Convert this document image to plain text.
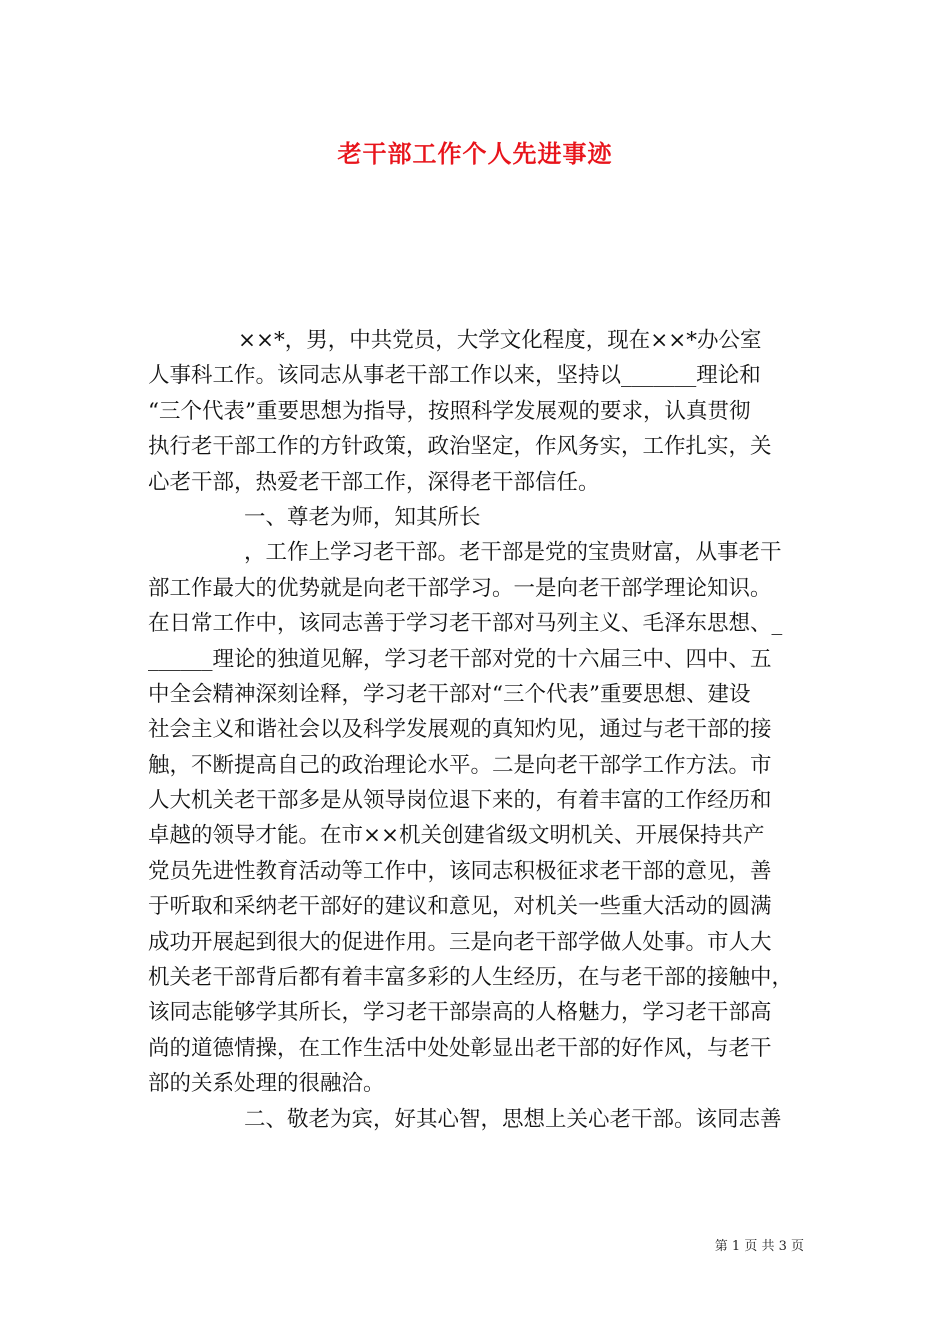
老干部工作个人先进事迹
××*，男，中共党员，大学文化程度，现在××*办公室
人事科工作。该同志从事老干部工作以来，坚持以_______理论和
“三个代表”重要思想为指导，按照科学发展观的要求，认真贯彻
执行老干部工作的方针政策，政治坚定，作风务实，工作扎实，关
心老干部，热爱老干部工作，深得老干部信任。
一、尊老为师，知其所长
，工作上学习老干部。老干部是党的宝贵财富，从事老干
部工作最大的优势就是向老干部学习。一是向老干部学理论知识。
在日常工作中，该同志善于学习老干部对马列主义、毛泽东思想、_
______理论的独道见解，学习老干部对党的十六届三中、四中、五
中全会精神深刻诠释，学习老干部对“三个代表”重要思想、建设
社会主义和谐社会以及科学发展观的真知灼见，通过与老干部的接
触，不断提高自己的政治理论水平。二是向老干部学工作方法。市
人大机关老干部多是从领导岗位退下来的，有着丰富的工作经历和
卓越的领导才能。在市××机关创建省级文明机关、开展保持共产
党员先进性教育活动等工作中，该同志积极征求老干部的意见，善
于听取和采纳老干部好的建议和意见，对机关一些重大活动的圆满
成功开展起到很大的促进作用。三是向老干部学做人处事。市人大
机关老干部背后都有着丰富多彩的人生经历，在与老干部的接触中，
该同志能够学其所长，学习老干部崇高的人格魅力，学习老干部高
尚的道德情操，在工作生活中处处彰显出老干部的好作风，与老干
部的关系处理的很融洽。
二、敬老为宾，好其心智，思想上关心老干部。该同志善
第 1 页 共 3 页
